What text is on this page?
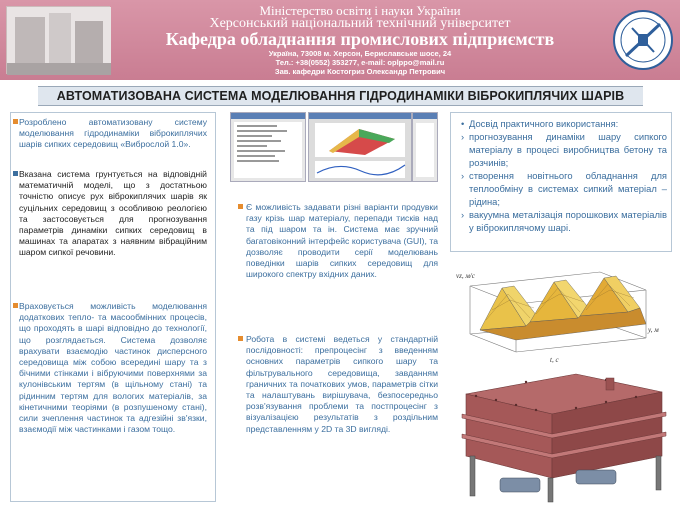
Міністерство освіти і науки України
Херсонський національний технічний університет
Кафедра обладнання промислових підприємств
Україна, 73008 м. Херсон, Бериславське шосе, 24
Тел.: +38(0552) 353277, e-mail: oplppo@mail.ru
Зав. кафедри Костогриз Олександр Петрович
АВТОМАТИЗОВАНА СИСТЕМА МОДЕЛЮВАННЯ ГІДРОДИНАМІКИ ВІБРОКИПЛЯЧИХ ШАРІВ
Розроблено автоматизовану систему моделювання гідродинаміки віброкиплячих шарів сипких середовищ «Виброслой 1.0».
Вказана система грунтується на відповідній математичній моделі, що з достатньою точністю описує рух віброкиплячих шарів як суцільних середовищ з особливою реологією та застосовується для прогнозування параметрів динаміки сипких середовищ в машинах та апаратах з наявним вібраційним шаром сипкої речовини.
Враховується можливість моделювання додаткових тепло- та масообмінних процесів, що проходять в шарі відповідно до технології, що розглядається. Система дозволяє врахувати взаємодію частинок дисперсного середовища між собою всередині шару та з бічними стінками і вібруючими поверхнями за кулонівським тертям (в щільному стані) та рідинним тертям для вологих матеріалів, за кінетичними теоріями (в розпушеному стані), сили зчеплення частинок та адгезійні зв'язки, взаємодії між частинками і газом тощо.
Є можливість задавати різні варіанти продувки газу крізь шар матеріалу, перепади тисків над та під шаром та ін. Система має зручний багатовіконний інтерфейс користувача (GUI), та дозволяє проводити серії моделювань поведінки шарів сипких середовищ для широкого спектру вхідних даних.
Робота в системі ведеться у стандартній послідовності: препроцесінг з введенням основних параметрів сипкого шару та фільтрувального середовища, завданням граничних та початкових умов, параметрів сітки та налаштувань вирішувача, безпосередньо розв'язування проблеми та постпроцесінг з візуалізацією результатів з роздільним представленням у 2D та 3D вигляді.
• Досвід практичного використання:
› прогнозування динаміки шару сипкого матеріалу в процесі виробництва бетону та розчинів;
› створення новітнього обладнання для теплообміну в системах сипкий матеріал – рідина;
› вакуумна металізація порошкових матеріалів у віброкиплячому шарі.
vz, м/с
t, с
y, м
